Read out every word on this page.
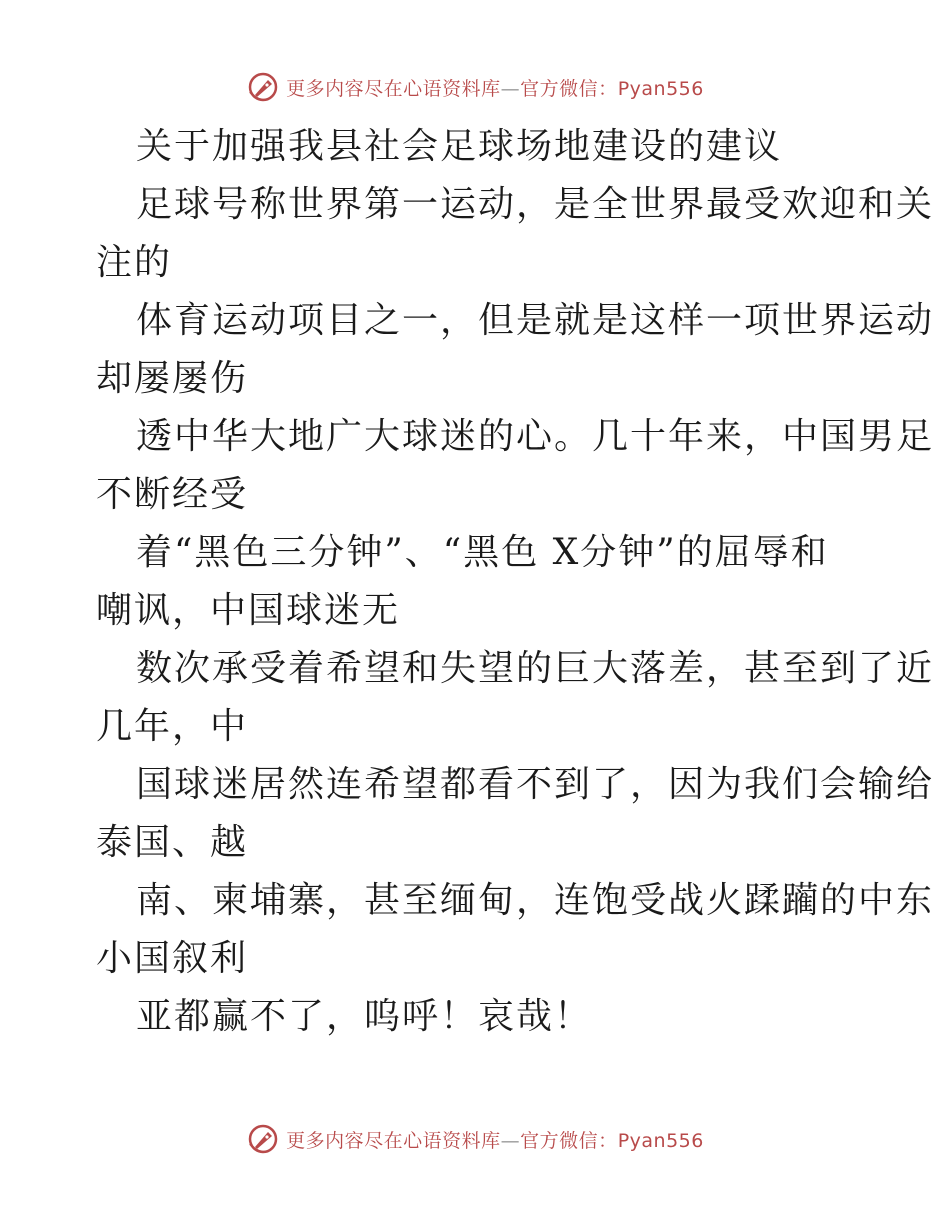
更多内容尽在心语资料库—官方微信：Pyan556
关于加强我县社会足球场地建设的建议
足球号称世界第一运动，是全世界最受欢迎和关
注的
体育运动项目之一，但是就是这样一项世界运动
却屡屡伤
透中华大地广大球迷的心。几十年来，中国男足
不断经受
着“黑色三分钟”、“黑色 X分钟”的屈辱和
嘲讽，中国球迷无
数次承受着希望和失望的巨大落差，甚至到了近
几年，中
国球迷居然连希望都看不到了，因为我们会输给
泰国、越
南、柬埔寨，甚至缅甸，连饱受战火蹂躏的中东
小国叙利
亚都赢不了，呜呼！哀哉！
更多内容尽在心语资料库—官方微信：Pyan556
